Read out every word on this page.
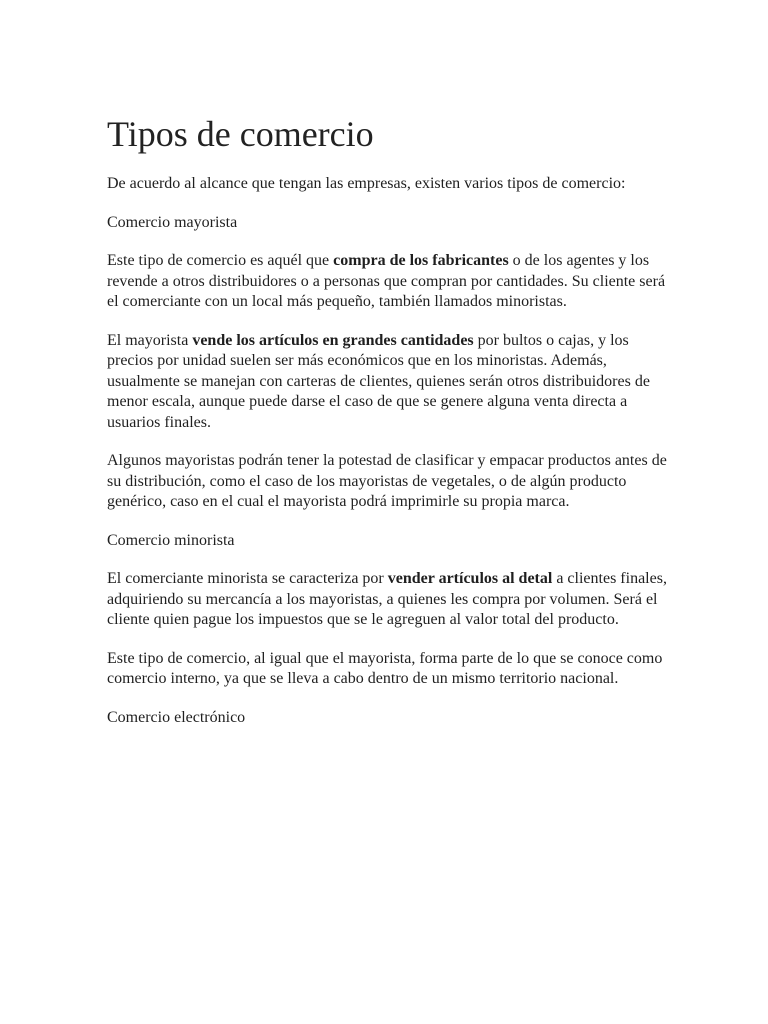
Tipos de comercio

De acuerdo al alcance que tengan las empresas, existen varios tipos de comercio:

Comercio mayorista

Este tipo de comercio es aquél que compra de los fabricantes o de los agentes y los revende a otros distribuidores o a personas que compran por cantidades. Su cliente será el comerciante con un local más pequeño, también llamados minoristas.

El mayorista vende los artículos en grandes cantidades por bultos o cajas, y los precios por unidad suelen ser más económicos que en los minoristas. Además, usualmente se manejan con carteras de clientes, quienes serán otros distribuidores de menor escala, aunque puede darse el caso de que se genere alguna venta directa a usuarios finales.

Algunos mayoristas podrán tener la potestad de clasificar y empacar productos antes de su distribución, como el caso de los mayoristas de vegetales, o de algún producto genérico, caso en el cual el mayorista podrá imprimirle su propia marca.

Comercio minorista

El comerciante minorista se caracteriza por vender artículos al detal a clientes finales, adquiriendo su mercancía a los mayoristas, a quienes les compra por volumen. Será el cliente quien pague los impuestos que se le agreguen al valor total del producto.

Este tipo de comercio, al igual que el mayorista, forma parte de lo que se conoce como comercio interno, ya que se lleva a cabo dentro de un mismo territorio nacional.

Comercio electrónico
